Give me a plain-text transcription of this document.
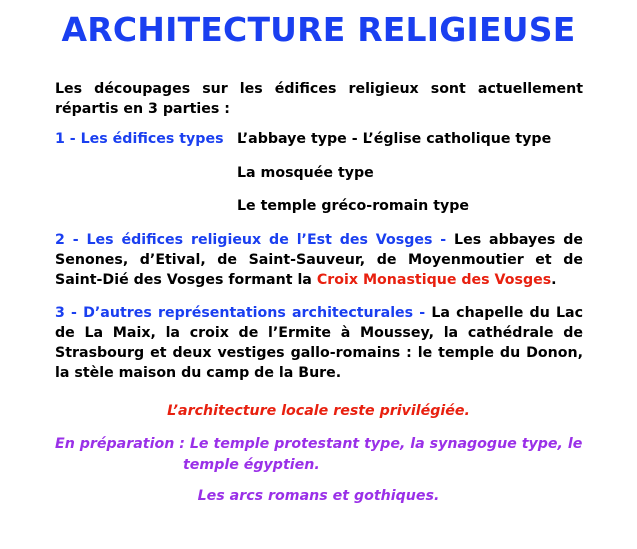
ARCHITECTURE RELIGIEUSE

Les découpages sur les édifices religieux sont actuellement répartis en 3 parties :

1 - Les édifices types L’abbaye type - L’église catholique type
La mosquée type
Le temple gréco-romain type

2 - Les édifices religieux de l’Est des Vosges - Les abbayes de Senones, d’Etival, de Saint-Sauveur, de Moyenmoutier et de Saint-Dié des Vosges formant la Croix Monastique des Vosges.

3 - D’autres représentations architecturales - La chapelle du Lac de La Maix, la croix de l’Ermite à Moussey, la cathédrale de Strasbourg et deux vestiges gallo-romains : le temple du Donon, la stèle maison du camp de la Bure.

L’architecture locale reste privilégiée.

En préparation : Le temple protestant type, la synagogue type, le
temple égyptien.

Les arcs romans et gothiques.
